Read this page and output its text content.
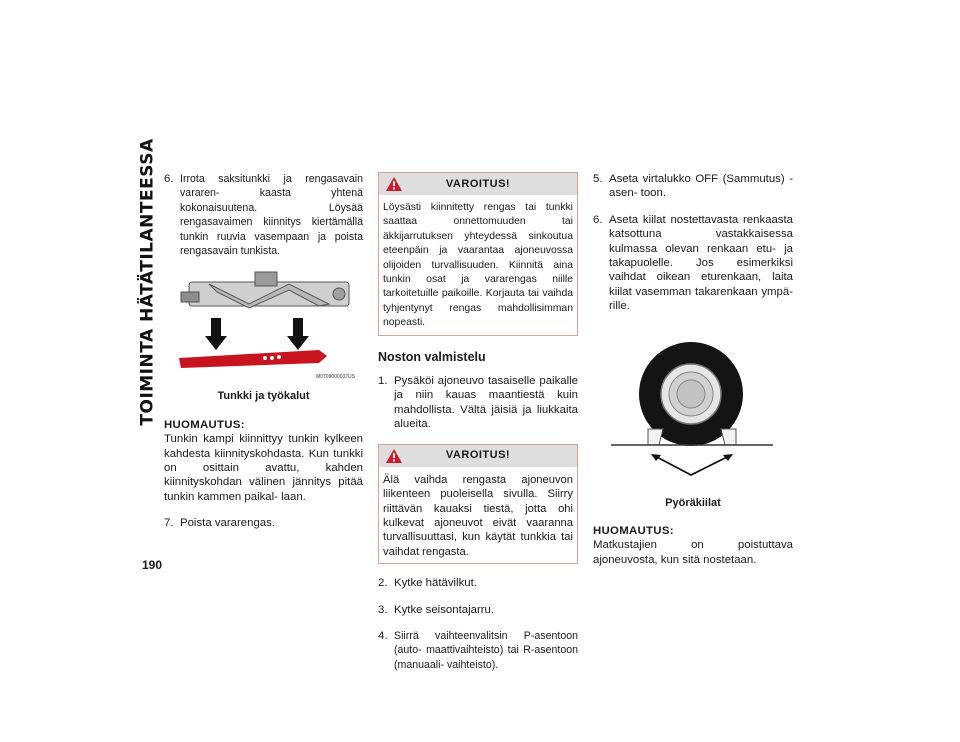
TOIMINTA HÄTÄTILANTEESSA
190
6. Irrota saksitunkki ja rengasavain vararen- kaasta yhtenä kokonaisuutena. Löysää rengasavaimen kiinnitys kiertämällä tunkin ruuvia vasempaan ja poista rengasavain tunkista.
M0709000037US
Tunkki ja työkalut
HUOMAUTUS:
Tunkin kampi kiinnittyy tunkin kylkeen kahdesta kiinnityskohdasta. Kun tunkki on osittain avattu, kahden kiinnityskohdan välinen jännitys pitää tunkin kammen paikal- laan.
7. Poista vararengas.
VAROITUS!
Löysästi kiinnitetty rengas tai tunkki saattaa onnettomuuden tai äkkijarrutuksen yhteydessä sinkoutua eteenpäin ja vaarantaa ajoneuvossa olijoiden turvallisuuden. Kiinnitä aina tunkin osat ja vararengas niille tarkoitetuille paikoille. Korjauta tai vaihda tyhjentynyt rengas mahdollisimman nopeasti.
Noston valmistelu
1. Pysäköi ajoneuvo tasaiselle paikalle ja niin kauas maantiestä kuin mahdollista. Vältä jäisiä ja liukkaita alueita.
VAROITUS!
Älä vaihda rengasta ajoneuvon liikenteen puoleisella sivulla. Siirry riittävän kauaksi tiestä, jotta ohi kulkevat ajoneuvot eivät vaaranna turvallisuuttasi, kun käytät tunkkia tai vaihdat rengasta.
2. Kytke hätävilkut.
3. Kytke seisontajarru.
4. Siirrä vaihteenvalitsin P-asentoon (auto- maattivaihteisto) tai R-asentoon (manuaali- vaihteisto).
5. Aseta virtalukko OFF (Sammutus) -asen- toon.
6. Aseta kiilat nostettavasta renkaasta katsottuna vastakkaisessa kulmassa olevan renkaan etu- ja takapuolelle. Jos esimerkiksi vaihdat oikean eturenkaan, laita kiilat vasemman takarenkaan ympä- rille.
Pyöräkiilat
HUOMAUTUS:
Matkustajien on poistuttava ajoneuvosta, kun sitä nostetaan.
